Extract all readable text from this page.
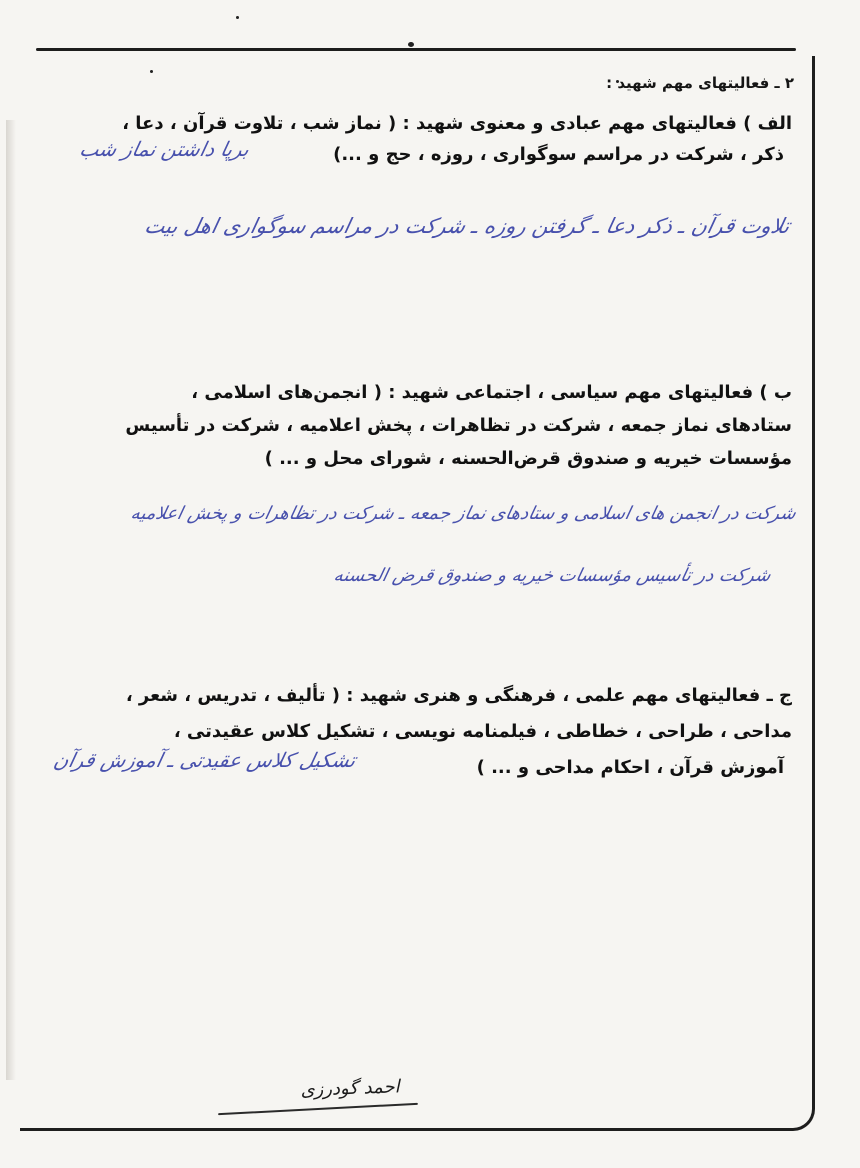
۲ ـ فعالیتهای مهم شهید :

الف ) فعالیتهای مهم عبادی و معنوی شهید : ( نماز شب ، تلاوت قرآن ، دعا ،

ذکر ، شرکت در مراسم سوگواری ، روزه ، حج و ...)
برپا داشتن نماز شب
تلاوت قرآن ـ ذکر دعا ـ گرفتن روزه ـ شرکت در مراسم سوگواری اهل بیت

ب ) فعالیتهای مهم سیاسی ، اجتماعی شهید : ( انجمن‌های اسلامی ،

ستادهای نماز جمعه ، شرکت در تظاهرات ، پخش اعلامیه ، شرکت در تأسیس

مؤسسات خیریه و صندوق قرض‌الحسنه ، شورای محل و ... )

شرکت در انجمن های اسلامی و ستادهای نماز جمعه ـ شرکت در تظاهرات و پخش اعلامیه
شرکت در تأسیس مؤسسات خیریه و صندوق قرض الحسنه

ج ـ فعالیتهای مهم علمی ، فرهنگی و هنری شهید : ( تألیف ، تدریس ، شعر ،

مداحی ، طراحی ، خطاطی ، فیلمنامه نویسی ، تشکیل کلاس عقیدتی ،

آموزش قرآن ، احکام مداحی و ... )
تشکیل کلاس عقیدتی ـ آموزش قرآن
احمد گودرزی
